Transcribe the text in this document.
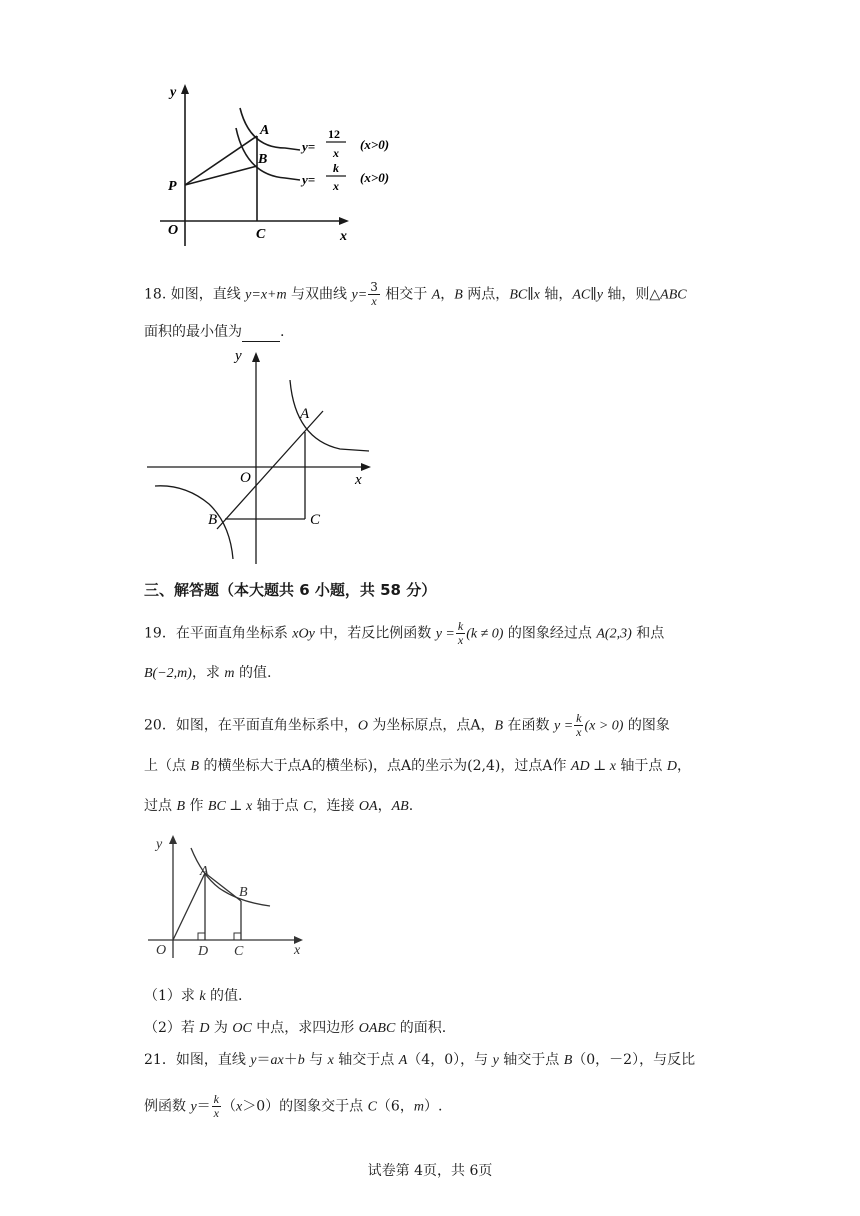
y
x
O	C
P
A
B
y=
12
x
(x>0)
y=
k
x
(x>0)
18. 如图，直线 y=x+m 与双曲线 $y= \frac{3}{x}$ 相交于 A，B 两点，BC∥x 轴，AC∥y 轴，则△ABC
面积的最小值为	.
y
x
O
A
B	C
三、解答题（本大题共 6 小题，共 58 分）
19．在平面直角坐标系 xOy 中，若反比例函数 $y = \frac{k}{x} (k \ne 0)$ 的图象经过点 A(2,3) 和点
B(−2,m)，求 m 的值.
20．如图，在平面直角坐标系中，O 为坐标原点，点A，B 在函数 $y = \frac{k}{x} (x > 0)$ 的图象
上（点 B 的横坐标大于点A的横坐标)，点A的坐示为(2,4)，过点A作 AD ⊥ x 轴于点 D，
过点 B 作 BC ⊥ x 轴于点 C，连接 OA，AB.
y
x
O
A
B
D C
（1）求 k 的值.
（2）若 D 为 OC 中点，求四边形 OABC 的面积.
21．如图，直线 y＝ax＋b 与 x 轴交于点 A（4，0），与 y 轴交于点 B（0，－2），与反比
例函数 $y= \frac{k}{x} (x>0)$的图象交于点 C（6，m）.
试卷第 4页，共 6页
